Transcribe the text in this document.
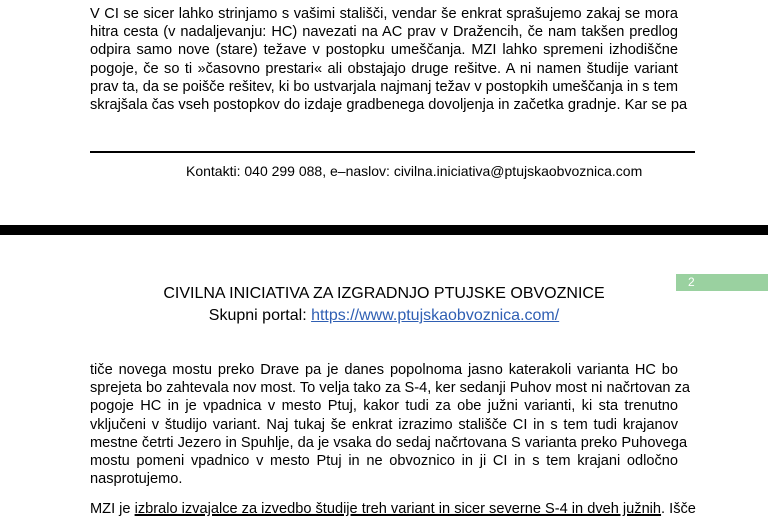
V CI se sicer lahko strinjamo s vašimi stališči, vendar še enkrat sprašujemo zakaj se mora
hitra cesta (v nadaljevanju: HC) navezati na AC prav v Dražencih, če nam takšen predlog
odpira samo nove (stare) težave v postopku umeščanja. MZI lahko spremeni izhodiščne
pogoje, če so ti »časovno prestari« ali obstajajo druge rešitve. A ni namen študije variant
prav ta, da se poišče rešitev, ki bo ustvarjala najmanj težav v postopkih umeščanja in s tem
skrajšala čas vseh postopkov do izdaje gradbenega dovoljenja in začetka gradnje. Kar se pa
Kontakti: 040 299 088, e–naslov: civilna.iniciativa@ptujskaobvoznica.com
2
CIVILNA INICIATIVA ZA IZGRADNJO PTUJSKE OBVOZNICE
Skupni portal: https://www.ptujskaobvoznica.com/
tiče novega mostu preko Drave pa je danes popolnoma jasno katerakoli varianta HC bo
sprejeta bo zahtevala nov most. To velja tako za S-4, ker sedanji Puhov most ni načrtovan za
pogoje HC in je vpadnica v mesto Ptuj, kakor tudi za obe južni varianti, ki sta trenutno
vključeni v študijo variant. Naj tukaj še enkrat izrazimo stališče CI in s tem tudi krajanov
mestne četrti Jezero in Spuhlje, da je vsaka do sedaj načrtovana S varianta preko Puhovega
mostu pomeni vpadnico v mesto Ptuj in ne obvoznico in ji CI in s tem krajani odločno
nasprotujemo.
MZI je izbralo izvajalce za izvedbo študije treh variant in sicer severne S-4 in dveh južnih. Išče
